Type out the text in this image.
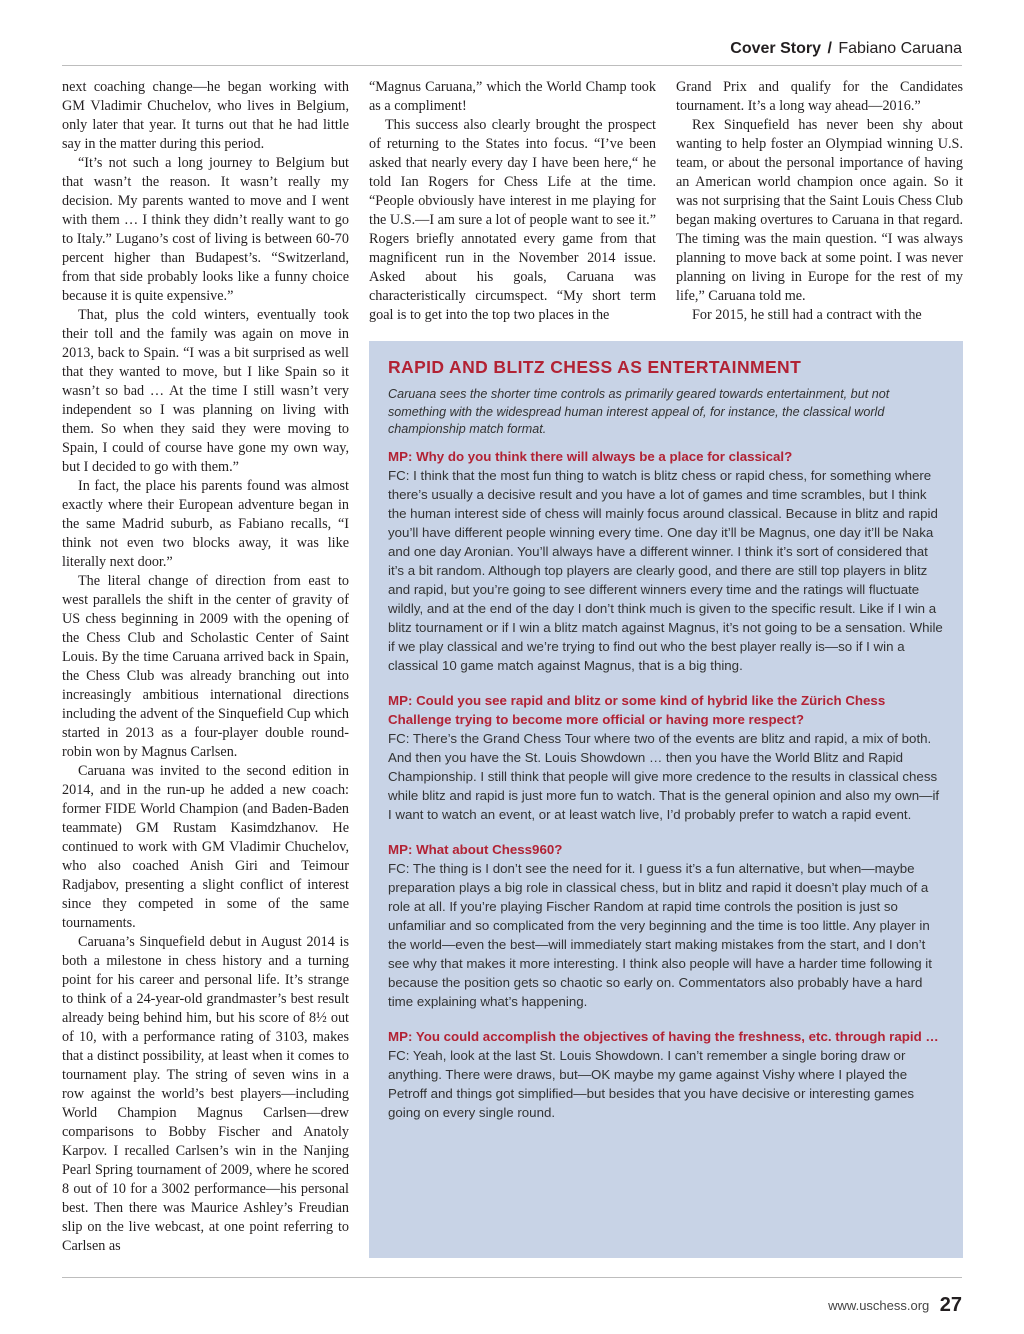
Cover Story / Fabiano Caruana

next coaching change—he began working with GM Vladimir Chuchelov, who lives in Belgium, only later that year. It turns out that he had little say in the matter during this period.

“It’s not such a long journey to Belgium but that wasn’t the reason. It wasn’t really my decision. My parents wanted to move and I went with them … I think they didn’t really want to go to Italy.” Lugano’s cost of living is between 60-70 percent higher than Budapest’s. “Switzerland, from that side probably looks like a funny choice because it is quite expensive.”

That, plus the cold winters, eventually took their toll and the family was again on move in 2013, back to Spain. “I was a bit surprised as well that they wanted to move, but I like Spain so it wasn’t so bad … At the time I still wasn’t very independent so I was planning on living with them. So when they said they were moving to Spain, I could of course have gone my own way, but I decided to go with them.”

In fact, the place his parents found was almost exactly where their European adventure began in the same Madrid suburb, as Fabiano recalls, “I think not even two blocks away, it was like literally next door.”

The literal change of direction from east to west parallels the shift in the center of gravity of US chess beginning in 2009 with the opening of the Chess Club and Scholastic Center of Saint Louis. By the time Caruana arrived back in Spain, the Chess Club was already branching out into increasingly ambitious international directions including the advent of the Sinquefield Cup which started in 2013 as a four-player double round-robin won by Magnus Carlsen.

Caruana was invited to the second edition in 2014, and in the run-up he added a new coach: former FIDE World Champion (and Baden-Baden teammate) GM Rustam Kasimdzhanov. He continued to work with GM Vladimir Chuchelov, who also coached Anish Giri and Teimour Radjabov, presenting a slight conflict of interest since they competed in some of the same tournaments.

Caruana’s Sinquefield debut in August 2014 is both a milestone in chess history and a turning point for his career and personal life. It’s strange to think of a 24-year-old grandmaster’s best result already being behind him, but his score of 8½ out of 10, with a performance rating of 3103, makes that a distinct possibility, at least when it comes to tournament play. The string of seven wins in a row against the world’s best players—including World Champion Magnus Carlsen—drew comparisons to Bobby Fischer and Anatoly Karpov. I recalled Carlsen’s win in the Nanjing Pearl Spring tournament of 2009, where he scored 8 out of 10 for a 3002 performance—his personal best. Then there was Maurice Ashley’s Freudian slip on the live webcast, at one point referring to Carlsen as

“Magnus Caruana,” which the World Champ took as a compliment!

This success also clearly brought the prospect of returning to the States into focus. “I’ve been asked that nearly every day I have been here,“ he told Ian Rogers for Chess Life at the time. “People obviously have interest in me playing for the U.S.—I am sure a lot of people want to see it.” Rogers briefly annotated every game from that magnificent run in the November 2014 issue. Asked about his goals, Caruana was characteristically circumspect. “My short term goal is to get into the top two places in the

Grand Prix and qualify for the Candidates tournament. It’s a long way ahead—2016.”

Rex Sinquefield has never been shy about wanting to help foster an Olympiad winning U.S. team, or about the personal importance of having an American world champion once again. So it was not surprising that the Saint Louis Chess Club began making overtures to Caruana in that regard. The timing was the main question. “I was always planning to move back at some point. I was never planning on living in Europe for the rest of my life,” Caruana told me.

For 2015, he still had a contract with the

RAPID AND BLITZ CHESS AS ENTERTAINMENT

Caruana sees the shorter time controls as primarily geared towards entertainment, but not something with the widespread human interest appeal of, for instance, the classical world championship match format.

MP: Why do you think there will always be a place for classical?

FC: I think that the most fun thing to watch is blitz chess or rapid chess, for something where there’s usually a decisive result and you have a lot of games and time scrambles, but I think the human interest side of chess will mainly focus around classical. Because in blitz and rapid you’ll have different people winning every time. One day it’ll be Magnus, one day it’ll be Naka and one day Aronian. You’ll always have a different winner. I think it’s sort of considered that it’s a bit random. Although top players are clearly good, and there are still top players in blitz and rapid, but you’re going to see different winners every time and the ratings will fluctuate wildly, and at the end of the day I don’t think much is given to the specific result. Like if I win a blitz tournament or if I win a blitz match against Magnus, it’s not going to be a sensation. While if we play classical and we’re trying to find out who the best player really is—so if I win a classical 10 game match against Magnus, that is a big thing.

MP: Could you see rapid and blitz or some kind of hybrid like the Zürich Chess Challenge trying to become more official or having more respect?

FC: There’s the Grand Chess Tour where two of the events are blitz and rapid, a mix of both. And then you have the St. Louis Showdown … then you have the World Blitz and Rapid Championship. I still think that people will give more credence to the results in classical chess while blitz and rapid is just more fun to watch. That is the general opinion and also my own—if I want to watch an event, or at least watch live, I’d probably prefer to watch a rapid event.

MP: What about Chess960?

FC: The thing is I don’t see the need for it. I guess it’s a fun alternative, but when—maybe preparation plays a big role in classical chess, but in blitz and rapid it doesn’t play much of a role at all. If you’re playing Fischer Random at rapid time controls the position is just so unfamiliar and so complicated from the very beginning and the time is too little. Any player in the world—even the best—will immediately start making mistakes from the start, and I don’t see why that makes it more interesting. I think also people will have a harder time following it because the position gets so chaotic so early on. Commentators also probably have a hard time explaining what’s happening.

MP: You could accomplish the objectives of having the freshness, etc. through rapid …

FC: Yeah, look at the last St. Louis Showdown. I can’t remember a single boring draw or anything. There were draws, but—OK maybe my game against Vishy where I played the Petroff and things got simplified—but besides that you have decisive or interesting games going on every single round.

www.uschess.org 27
